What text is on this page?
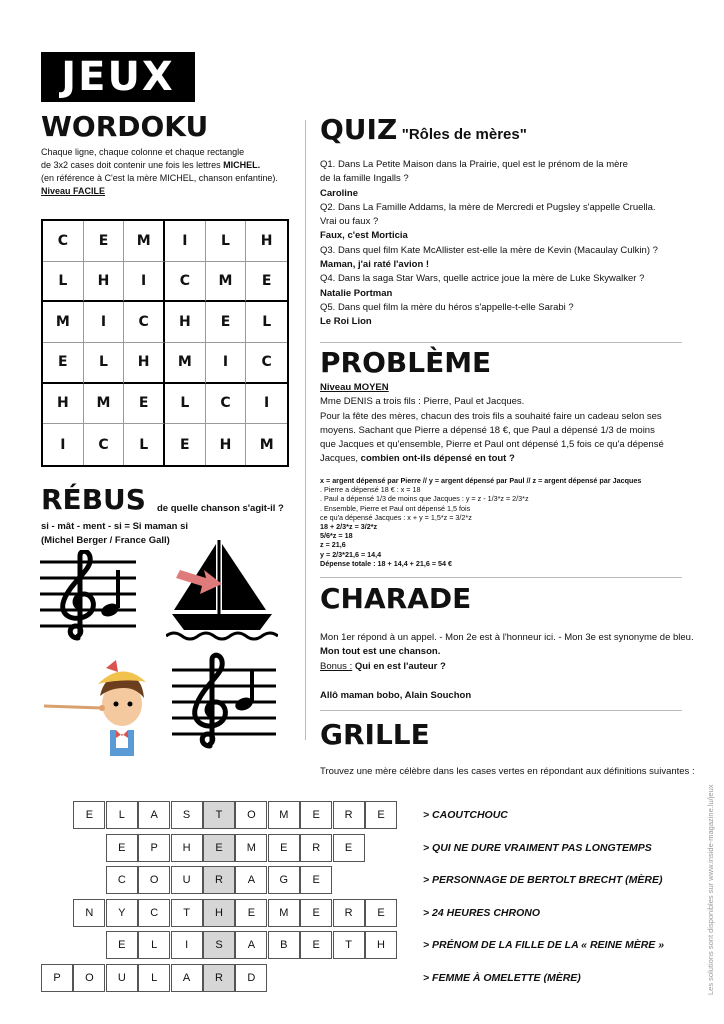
JEUX
WORDOKU
Chaque ligne, chaque colonne et chaque rectangle
de 3x2 cases doit contenir une fois les lettres MICHEL.
(en référence à C'est la mère MICHEL, chanson enfantine).
Niveau FACILE
C	E	M	I	L	H
L	H	I	C	M	E
M	I	C	H	E	L
E	L	H	M	I	C
H	M	E	L	C	I
I	C	L	E	H	M
RÉBUS de quelle chanson s'agit-il ?
si - mât - ment - si = Si maman si
(Michel Berger / France Gall)
QUIZ "Rôles de mères"
Q1. Dans La Petite Maison dans la Prairie, quel est le prénom de la mère
de la famille Ingalls ?
Caroline
Q2. Dans La Famille Addams, la mère de Mercredi et Pugsley s'appelle Cruella.
Vrai ou faux ?
Faux, c'est Morticia
Q3. Dans quel film Kate McAllister est-elle la mère de Kevin (Macaulay Culkin) ?
Maman, j'ai raté l'avion !
Q4. Dans la saga Star Wars, quelle actrice joue la mère de Luke Skywalker ?
Natalie Portman
Q5. Dans quel film la mère du héros s'appelle-t-elle Sarabi ?
Le Roi Lion
PROBLÈME
Niveau MOYEN
Mme DENIS a trois fils : Pierre, Paul et Jacques.
Pour la fête des mères, chacun des trois fils a souhaité faire un cadeau selon ses
moyens. Sachant que Pierre a dépensé 18 €, que Paul a dépensé 1/3 de moins
que Jacques et qu'ensemble, Pierre et Paul ont dépensé 1,5 fois ce qu'a dépensé
Jacques, combien ont-ils dépensé en tout ?
x = argent dépensé par Pierre // y = argent dépensé par Paul // z = argent dépensé par Jacques
. Pierre a dépensé 18 € : x = 18
. Paul a dépensé 1/3 de moins que Jacques : y = z - 1/3*z = 2/3*z
. Ensemble, Pierre et Paul ont dépensé 1,5 fois
ce qu'a dépensé Jacques : x + y = 1,5*z = 3/2*z
18 + 2/3*z = 3/2*z
5/6*z = 18
z = 21,6
y = 2/3*21,6 = 14,4
Dépense totale : 18 + 14,4 + 21,6 = 54 €
CHARADE
Mon 1er répond à un appel. - Mon 2e est à l'honneur ici. - Mon 3e est synonyme de bleu.
Mon tout est une chanson.
Bonus : Qui en est l'auteur ?
Allô maman bobo, Alain Souchon
GRILLE
Trouvez une mère célèbre dans les cases vertes en répondant aux définitions suivantes :
E	L	A	S	T	O	M	E	R	E	> CAOUTCHOUC
E	P	H	E	M	E	R	E	> QUI NE DURE VRAIMENT PAS LONGTEMPS
C	O	U	R	A	G	E	> PERSONNAGE DE BERTOLT BRECHT (MÈRE)
N	Y	C	T	H	E	M	E	R	E	> 24 HEURES CHRONO
E	L	I	S	A	B	E	T	H	> PRÉNOM DE LA FILLE DE LA « REINE MÈRE »
P	O	U	L	A	R	D	> FEMME À OMELETTE (MÈRE)	Les solutions sont disponibles sur www.inside-magazine.lu/jeux
